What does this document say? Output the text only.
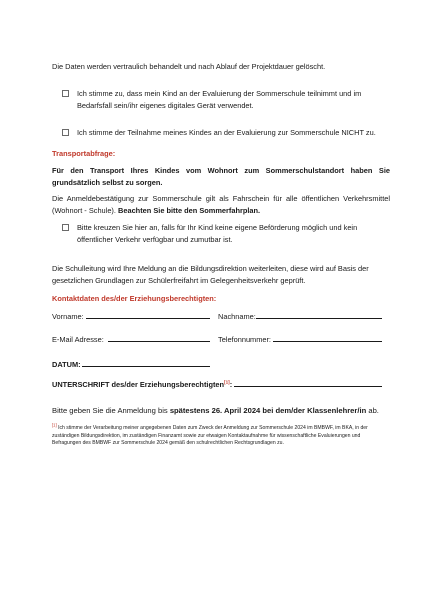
Die Daten werden vertraulich behandelt und nach Ablauf der Projektdauer gelöscht.

Ich stimme zu, dass mein Kind an der Evaluierung der Sommerschule teilnimmt und im Bedarfsfall sein/ihr eigenes digitales Gerät verwendet.
Ich stimme der Teilnahme meines Kindes an der Evaluierung zur Sommerschule NICHT zu.

Transportabfrage:

Für den Transport Ihres Kindes vom Wohnort zum Sommerschulstandort haben Sie grundsätzlich selbst zu sorgen.

Die Anmeldebestätigung zur Sommerschule gilt als Fahrschein für alle öffentlichen Verkehrsmittel (Wohnort - Schule). Beachten Sie bitte den Sommerfahrplan.

Bitte kreuzen Sie hier an, falls für Ihr Kind keine eigene Beförderung möglich und kein öffentlicher Verkehr verfügbar und zumutbar ist.

Die Schulleitung wird Ihre Meldung an die Bildungsdirektion weiterleiten, diese wird auf Basis der gesetzlichen Grundlagen zur Schülerfreifahrt im Gelegenheitsverkehr geprüft.

Kontaktdaten des/der Erziehungsberechtigten:

Vorname:	Nachname:
E-Mail Adresse:	Telefonnummer:
DATUM:
UNTERSCHRIFT des/der Erziehungsberechtigten[1]:

Bitte geben Sie die Anmeldung bis spätestens 26. April 2024 bei dem/der Klassenlehrer/in ab.

[1] Ich stimme der Verarbeitung meiner angegebenen Daten zum Zweck der Anmeldung zur Sommerschule 2024 im BMBWF, im BKA, in der zuständigen Bildungsdirektion, im zuständigen Finanzamt sowie zur etwaigen Kontaktaufnahme für wissenschaftliche Evaluierungen und Befragungen des BMBWF zur Sommerschule 2024 gemäß den schulrechtlichen Rechtsgrundlagen zu.
